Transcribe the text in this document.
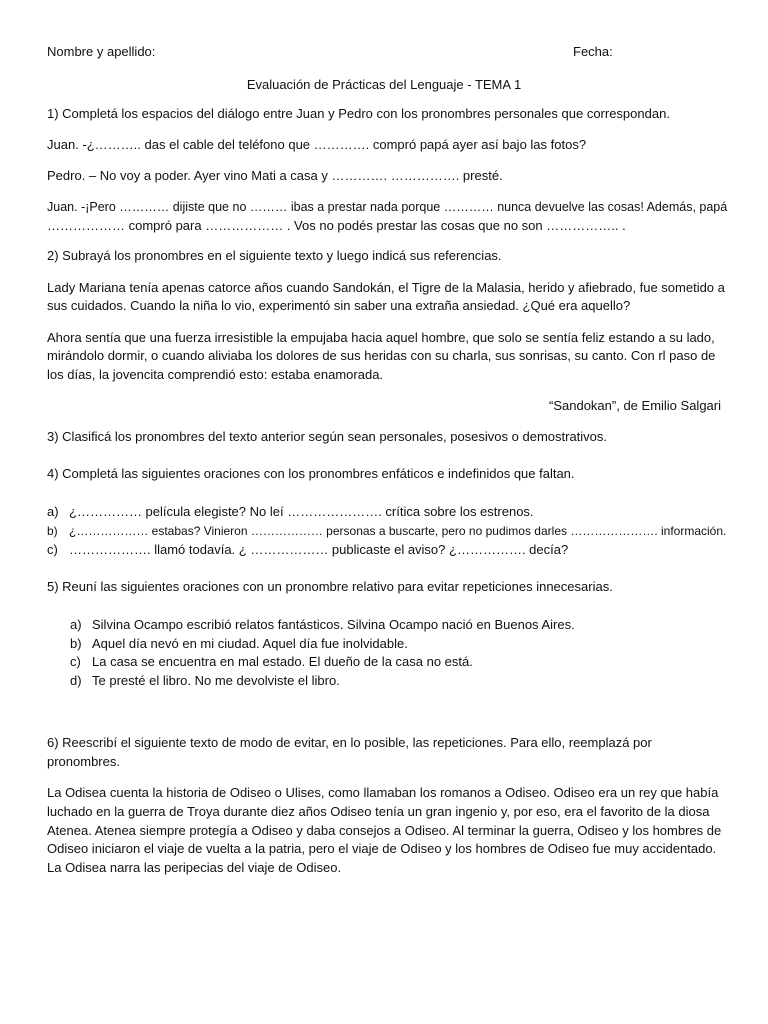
Nombre y apellido:	Fecha:
Evaluación de Prácticas del Lenguaje - TEMA 1
1) Completá los espacios del diálogo entre Juan y Pedro con los pronombres personales que correspondan.
Juan. -¿……….. das el cable del teléfono que …………. compró papá ayer así bajo las fotos?
Pedro. – No voy a poder. Ayer vino Mati a casa y …………. ……………. presté.
Juan. -¡Pero ………… dijiste que no ……… ibas a prestar nada porque ………… nunca devuelve las cosas! Además, papá
……………… compró para ……………… . Vos no podés prestar las cosas que no son …………….. .
2) Subrayá los pronombres en el siguiente texto y luego indicá sus referencias.
Lady Mariana tenía apenas catorce años cuando Sandokán, el Tigre de la Malasia, herido y afiebrado, fue sometido a
sus cuidados. Cuando la niña lo vio, experimentó sin saber una extraña ansiedad. ¿Qué era aquello?
Ahora sentía que una fuerza irresistible la empujaba hacia aquel hombre, que solo se sentía feliz estando a su lado,
mirándolo dormir, o cuando aliviaba los dolores de sus heridas con su charla, sus sonrisas, su canto. Con rl paso de
los días, la jovencita comprendió esto: estaba enamorada.
“Sandokan”, de Emilio Salgari
3) Clasificá los pronombres del texto anterior según sean personales, posesivos o demostrativos.
4) Completá las siguientes oraciones con los pronombres enfáticos e indefinidos que faltan.
a) ¿…………… película elegiste? No leí …………………. crítica sobre los estrenos.
b) ¿……………… estabas? Vinieron ……………… personas a buscarte, pero no pudimos darles …………………. información.
c) ………………. llamó todavía. ¿ ……………… publicaste el aviso? ¿……………. decía?
5) Reuní las siguientes oraciones con un pronombre relativo para evitar repeticiones innecesarias.
a) Silvina Ocampo escribió relatos fantásticos. Silvina Ocampo nació en Buenos Aires.
b) Aquel día nevó en mi ciudad. Aquel día fue inolvidable.
c) La casa se encuentra en mal estado. El dueño de la casa no está.
d) Te presté el libro. No me devolviste el libro.
6) Reescribí el siguiente texto de modo de evitar, en lo posible, las repeticiones. Para ello, reemplazá por
pronombres.
La Odisea cuenta la historia de Odiseo o Ulises, como llamaban los romanos a Odiseo. Odiseo era un rey que había
luchado en la guerra de Troya durante diez años Odiseo tenía un gran ingenio y, por eso, era el favorito de la diosa
Atenea. Atenea siempre protegía a Odiseo y daba consejos a Odiseo. Al terminar la guerra, Odiseo y los hombres de
Odiseo iniciaron el viaje de vuelta a la patria, pero el viaje de Odiseo y los hombres de Odiseo fue muy accidentado.
La Odisea narra las peripecias del viaje de Odiseo.
